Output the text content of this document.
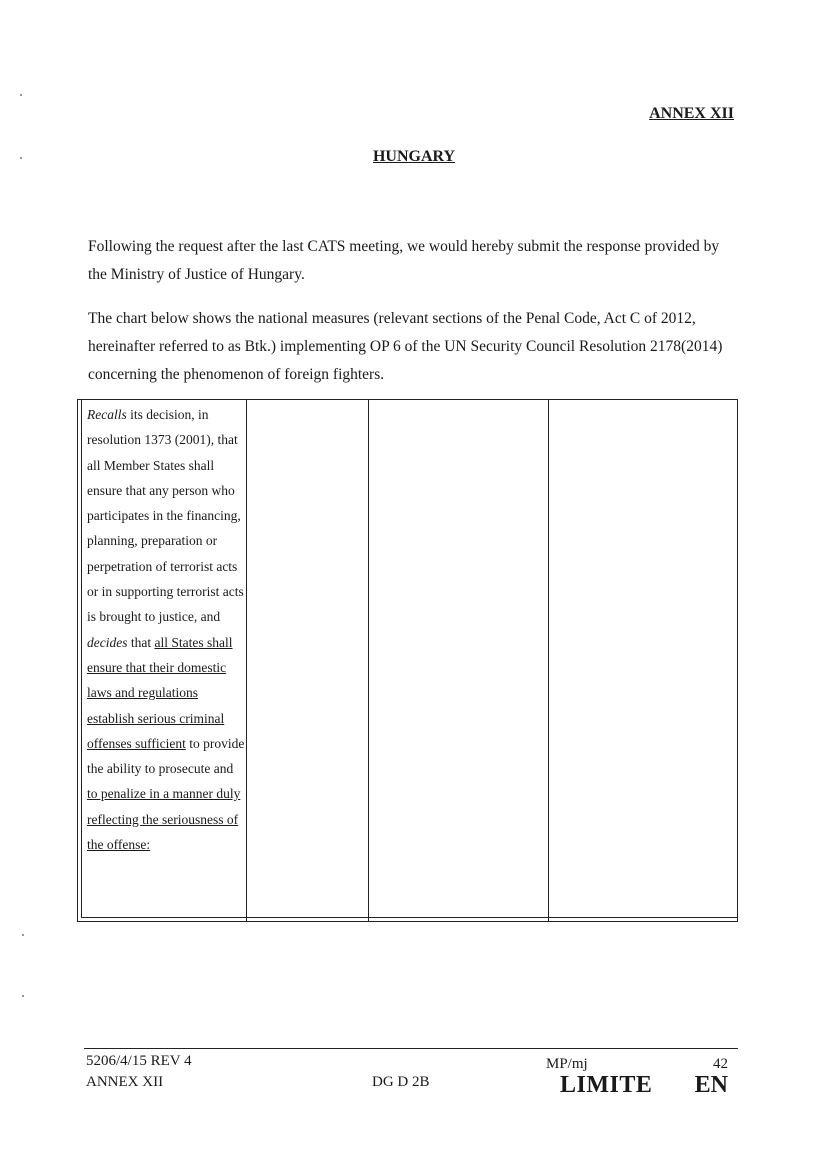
ANNEX XII
HUNGARY
Following the request after the last CATS meeting, we would hereby submit the response provided by the Ministry of Justice of Hungary.
The chart below shows the national measures (relevant sections of the Penal Code, Act C of 2012, hereinafter referred to as Btk.) implementing OP 6 of the UN Security Council Resolution 2178(2014) concerning the phenomenon of foreign fighters.
Recalls its decision, in resolution 1373 (2001), that all Member States shall ensure that any person who participates in the financing, planning, preparation or perpetration of terrorist acts or in supporting terrorist acts is brought to justice, and decides that all States shall ensure that their domestic laws and regulations establish serious criminal offenses sufficient to provide the ability to prosecute and to penalize in a manner duly reflecting the seriousness of the offense:
5206/4/15 REV 4
ANNEX XII	DG D 2B
MP/mj	42
LIMITE EN
